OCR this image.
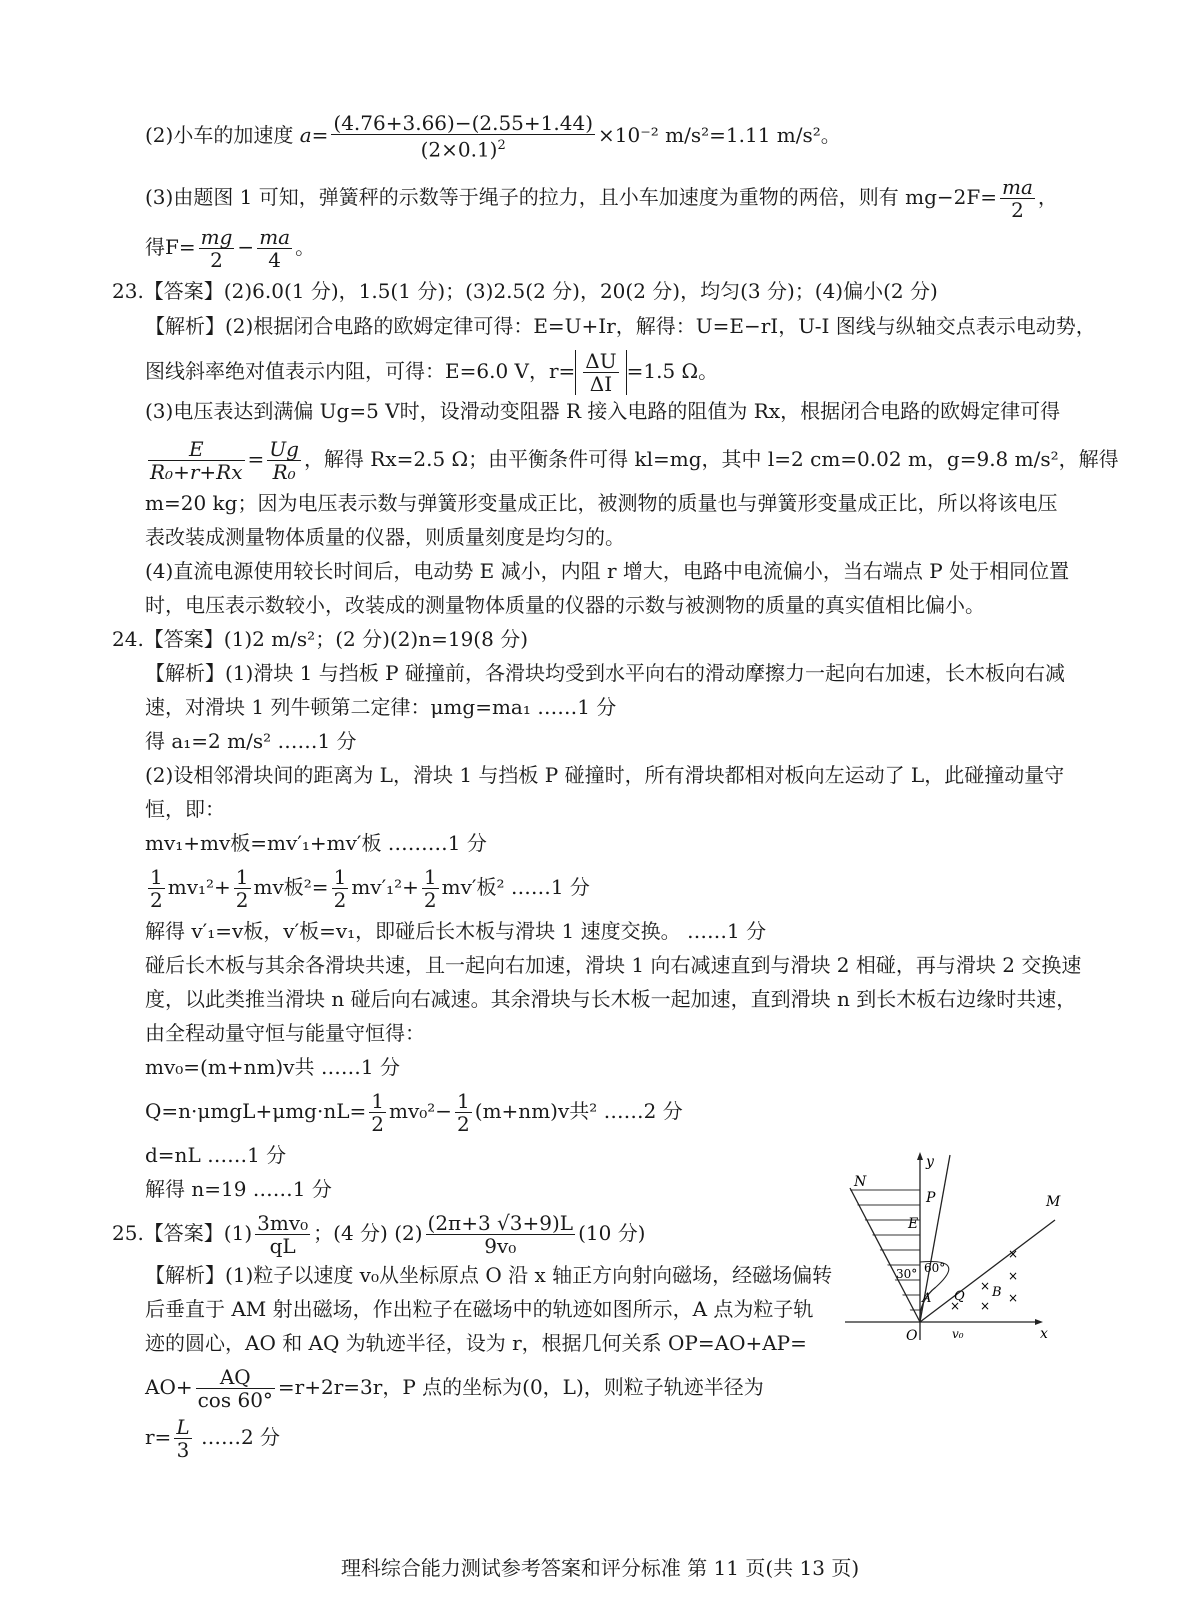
(2)小车的加速度 $a= \frac{(4.76+3.66)-(2.55+1.44)}{(2\times 0.1)^2} \times 10^{-2}$ m/s²=1.11 m/s²。
(3)由题图 1 可知，弹簧秤的示数等于绳子的拉力，且小车加速度为重物的两倍，则有 $mg-2F= \frac{ma}{2}$ ，
得$F= \frac{mg}{2} - \frac{ma}{4}$ 。
23.【答案】(2)6.0(1 分)，1.5(1 分)；(3)2.5(2 分)，20(2 分)，均匀(3 分)；(4)偏小(2 分)
【解析】(2)根据闭合电路的欧姆定律可得：E=U+Ir，解得：U=E−rI，U-I 图线与纵轴交点表示电动势，
图线斜率绝对值表示内阻，可得：E=6.0 V，$r= \frac{\Delta U}{\Delta I} =1.5$ Ω。
(3)电压表达到满偏 Ug=5 V时，设滑动变阻器 R 接入电路的阻值为 Rx，根据闭合电路的欧姆定律可得
$\frac{E}{\text{R₀+r+Rx}} = \frac{Ug}{\text{R₀}}$ ，解得 Rx=2.5 Ω；由平衡条件可得 kl=mg，其中 l=2 cm=0.02 m，g=9.8 m/s²，解得
m=20 kg；因为电压表示数与弹簧形变量成正比，被测物的质量也与弹簧形变量成正比，所以将该电压
表改装成测量物体质量的仪器，则质量刻度是均匀的。
(4)直流电源使用较长时间后，电动势 E 减小，内阻 r 增大，电路中电流偏小，当右端点 P 处于相同位置
时，电压表示数较小，改装成的测量物体质量的仪器的示数与被测物的质量的真实值相比偏小。
24.【答案】(1)2 m/s²；(2 分)(2)n=19(8 分)
【解析】(1)滑块 1 与挡板 P 碰撞前，各滑块均受到水平向右的滑动摩擦力一起向右加速，长木板向右减
速，对滑块 1 列牛顿第二定律：μmg=ma₁ ……1 分
得 a₁=2 m/s² ……1 分
(2)设相邻滑块间的距离为 L，滑块 1 与挡板 P 碰撞时，所有滑块都相对板向左运动了 L，此碰撞动量守
恒，即：
mv₁+mv板=mv′₁+mv′板 ………1 分
$\frac{1}{2} mv_1^2+ \frac{1}{2}$ mv板$^2= \frac{1}{2} mv'_1^2+ \frac{1}{2} mv'$板² ……1 分
解得 v′₁=v板，v′板=v₁，即碰后长木板与滑块 1 速度交换。 ……1 分
碰后长木板与其余各滑块共速，且一起向右加速，滑块 1 向右减速直到与滑块 2 相碰，再与滑块 2 交换速
度，以此类推当滑块 n 碰后向右减速。其余滑块与长木板一起加速，直到滑块 n 到长木板右边缘时共速，
由全程动量守恒与能量守恒得：
mv₀=(m+nm)v共 ……1 分
$Q=n\cdot\mu mgL+\mu mg\cdot nL= \frac{1}{2} mv_0^2- \frac{1}{2} (m+nm)v$共² ……2 分
d=nL ……1 分
解得 n=19 ……1 分
25.【答案】$(1) \frac{\text{3mv₀}}{qL}$ ；(4 分) $(2) \frac{(2\pi+3 √3+9)L}{\text{9v₀}} (10$ 分)
【解析】(1)粒子以速度 v₀从坐标原点 O 沿 x 轴正方向射向磁场，经磁场偏转
后垂直于 AM 射出磁场，作出粒子在磁场中的轨迹如图所示，A 点为粒子轨
迹的圆心，AO 和 AQ 为轨迹半径，设为 r，根据几何关系 OP=AO+AP=
$AO+ \frac{AQ}{\cos 60^\circ} =r+2r=3r$，P 点的坐标为(0，L)，则粒子轨迹半径为
$r= \frac{L}{3}$ ……2 分
y
x
N
P
E
M
30° 60°
Q
A	B
O	v₀
×
×
×
×
×
×
理科综合能力测试参考答案和评分标准 第 11 页(共 13 页)
